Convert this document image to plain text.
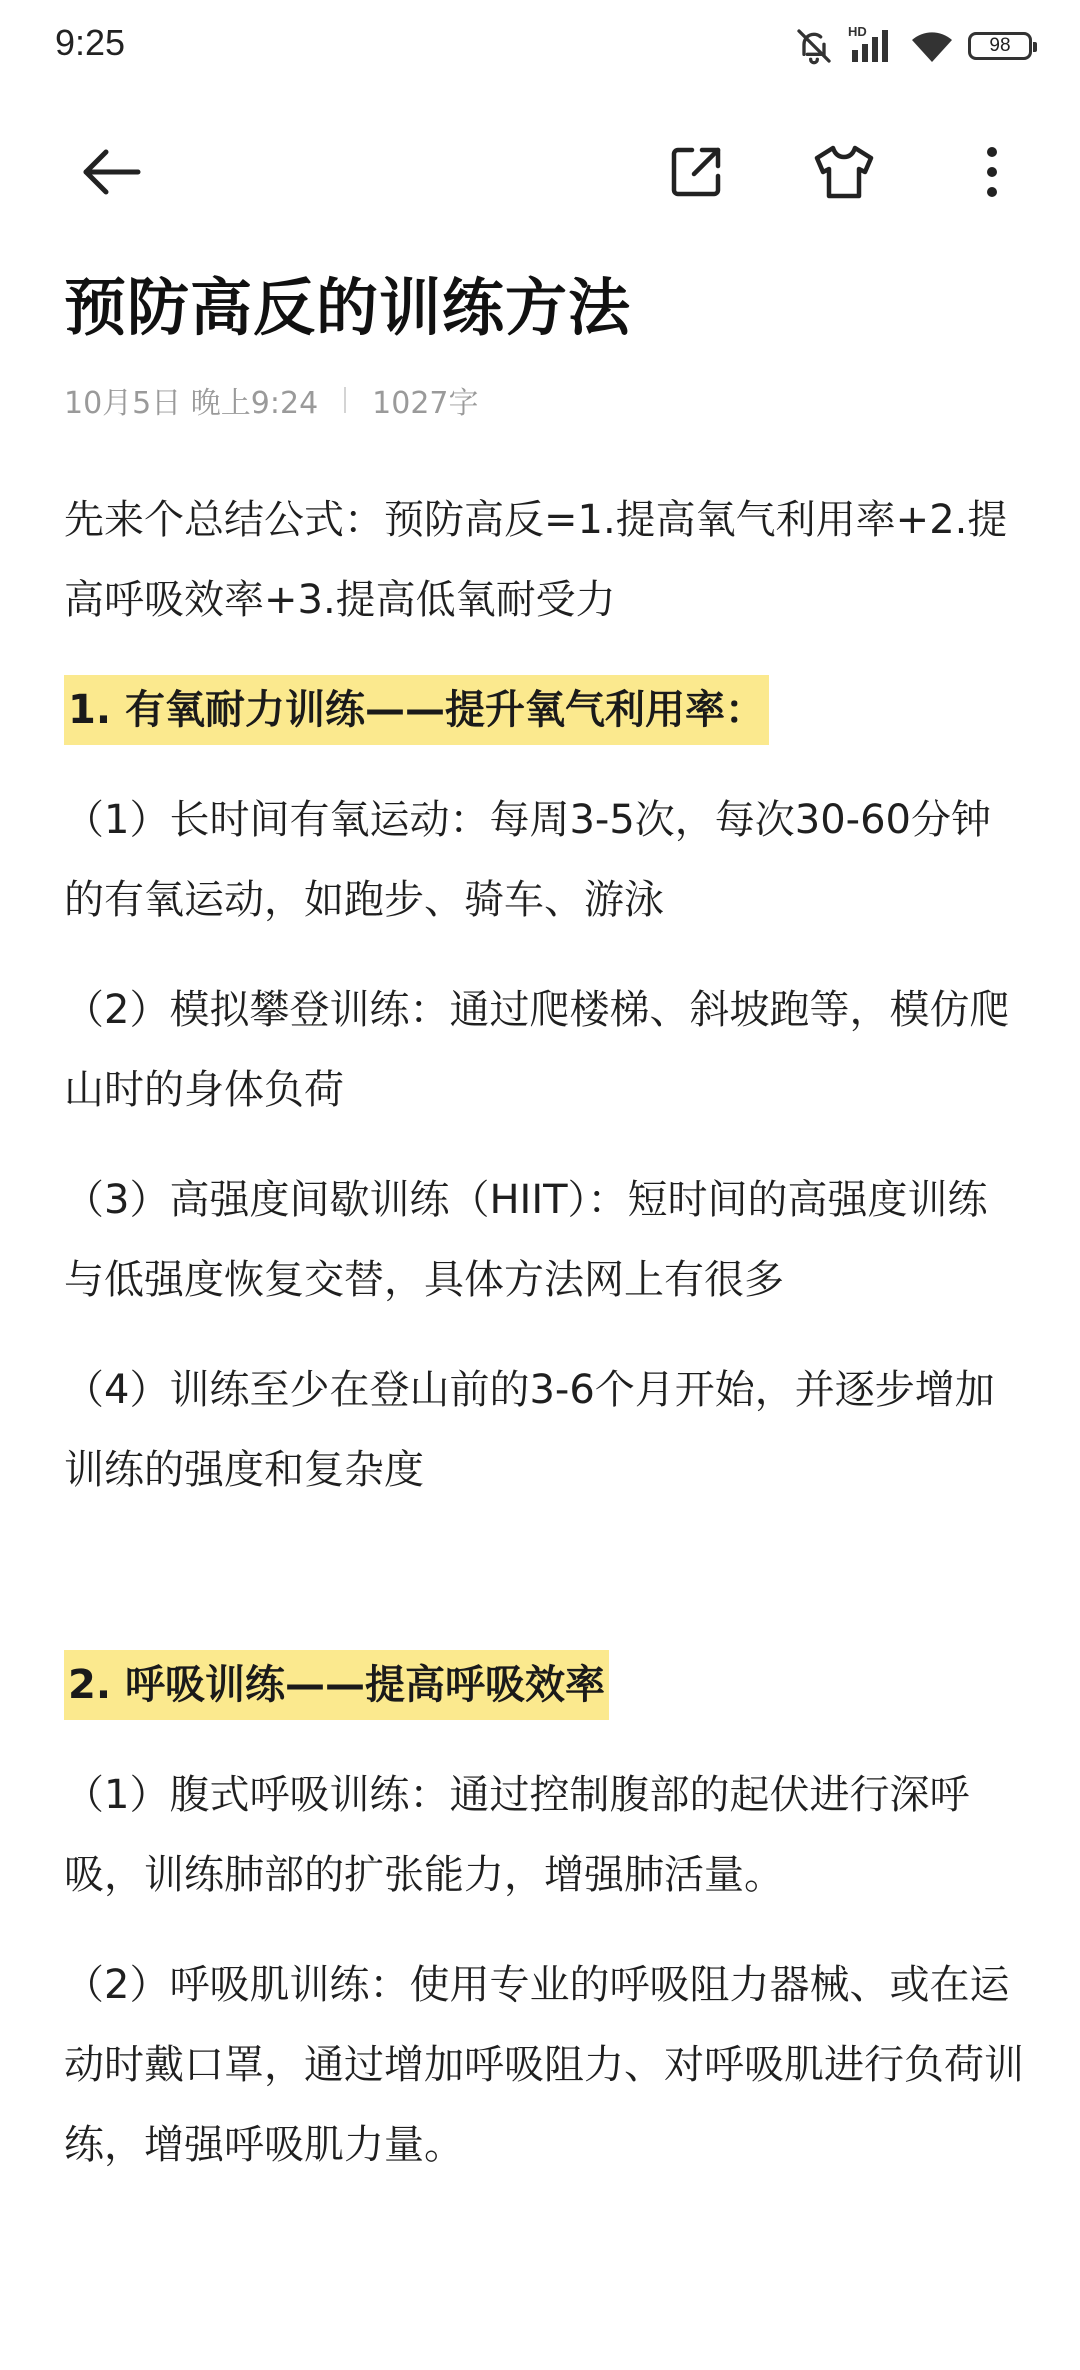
9:25	HD
98
预防高反的训练方法
10月5日 晚上9:24 1027字

先来个总结公式：预防高反=1.提高氧气利用率+2.提高呼吸效率+3.提高低氧耐受力

1. 有氧耐力训练——提升氧气利用率：

（1）长时间有氧运动：每周3-5次，每次30-60分钟的有氧运动，如跑步、骑车、游泳

（2）模拟攀登训练：通过爬楼梯、斜坡跑等，模仿爬山时的身体负荷

（3）高强度间歇训练（HIIT）：短时间的高强度训练与低强度恢复交替，具体方法网上有很多

（4）训练至少在登山前的3-6个月开始，并逐步增加训练的强度和复杂度

2. 呼吸训练——提高呼吸效率

（1）腹式呼吸训练：通过控制腹部的起伏进行深呼吸，训练肺部的扩张能力，增强肺活量。

（2）呼吸肌训练：使用专业的呼吸阻力器械、或在运动时戴口罩，通过增加呼吸阻力、对呼吸肌进行负荷训练，增强呼吸肌力量。
